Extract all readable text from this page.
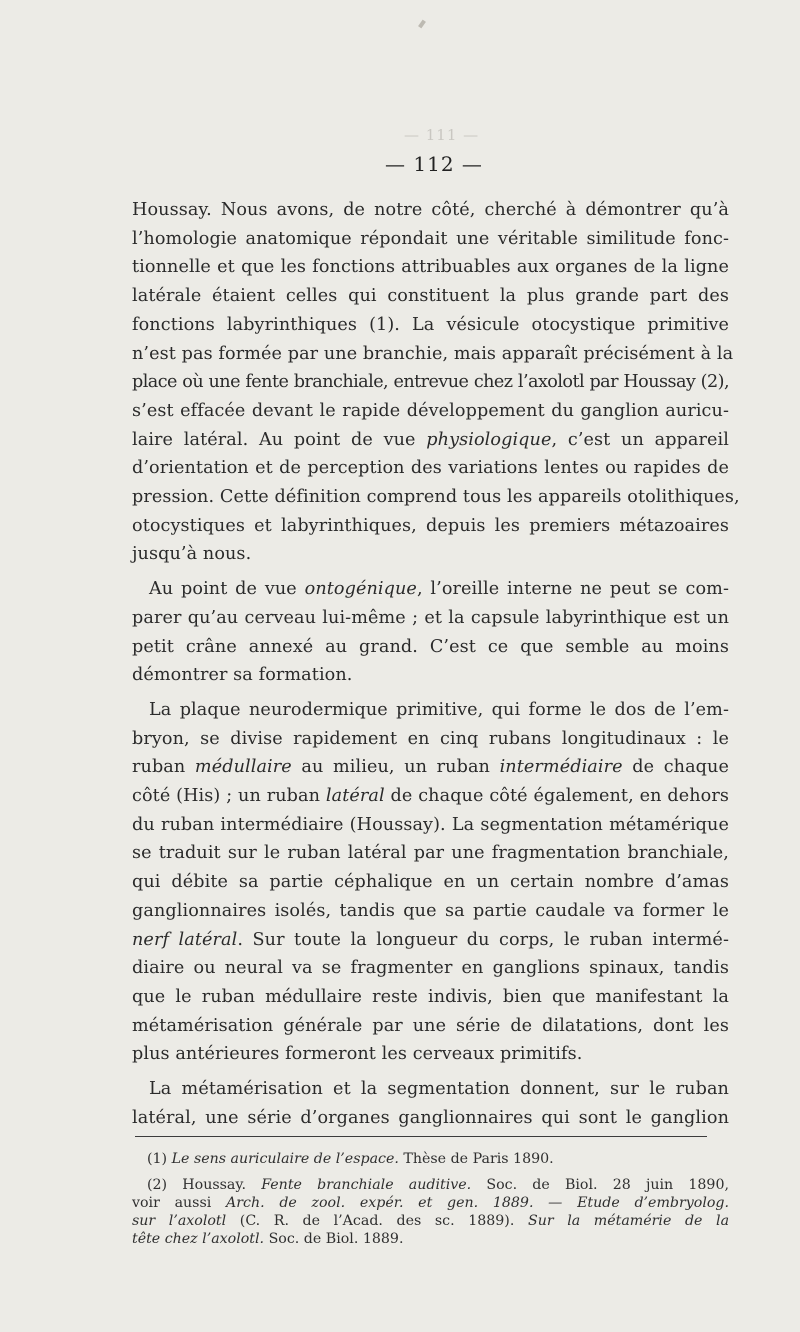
— 111 —
— 112 —
Houssay. Nous avons, de notre côté, cherché à démontrer qu’à
l’homologie anatomique répondait une véritable similitude fonc-
tionnelle et que les fonctions attribuables aux organes de la ligne
latérale étaient celles qui constituent la plus grande part des
fonctions labyrinthiques (1). La vésicule otocystique primitive
n’est pas formée par une branchie, mais apparaît précisément à la
place où une fente branchiale, entrevue chez l’axolotl par Houssay (2),
s’est effacée devant le rapide développement du ganglion auricu-
laire latéral. Au point de vue physiologique, c’est un appareil
d’orientation et de perception des variations lentes ou rapides de
pression. Cette définition comprend tous les appareils otolithiques,
otocystiques et labyrinthiques, depuis les premiers métazoaires
jusqu’à nous.
Au point de vue ontogénique, l’oreille interne ne peut se com-
parer qu’au cerveau lui-même ; et la capsule labyrinthique est un
petit crâne annexé au grand. C’est ce que semble au moins
démontrer sa formation.
La plaque neurodermique primitive, qui forme le dos de l’em-
bryon, se divise rapidement en cinq rubans longitudinaux : le
ruban médullaire au milieu, un ruban intermédiaire de chaque
côté (His) ; un ruban latéral de chaque côté également, en dehors
du ruban intermédiaire (Houssay). La segmentation métamérique
se traduit sur le ruban latéral par une fragmentation branchiale,
qui débite sa partie céphalique en un certain nombre d’amas
ganglionnaires isolés, tandis que sa partie caudale va former le
nerf latéral. Sur toute la longueur du corps, le ruban intermé-
diaire ou neural va se fragmenter en ganglions spinaux, tandis
que le ruban médullaire reste indivis, bien que manifestant la
métamérisation générale par une série de dilatations, dont les
plus antérieures formeront les cerveaux primitifs.
La métamérisation et la segmentation donnent, sur le ruban
latéral, une série d’organes ganglionnaires qui sont le ganglion
(1) Le sens auriculaire de l’espace. Thèse de Paris 1890.
(2) Houssay. Fente branchiale auditive. Soc. de Biol. 28 juin 1890,
voir aussi Arch. de zool. expér. et gen. 1889. — Etude d’embryolog.
sur l’axolotl (C. R. de l’Acad. des sc. 1889). Sur la métamérie de la
tête chez l’axolotl. Soc. de Biol. 1889.
